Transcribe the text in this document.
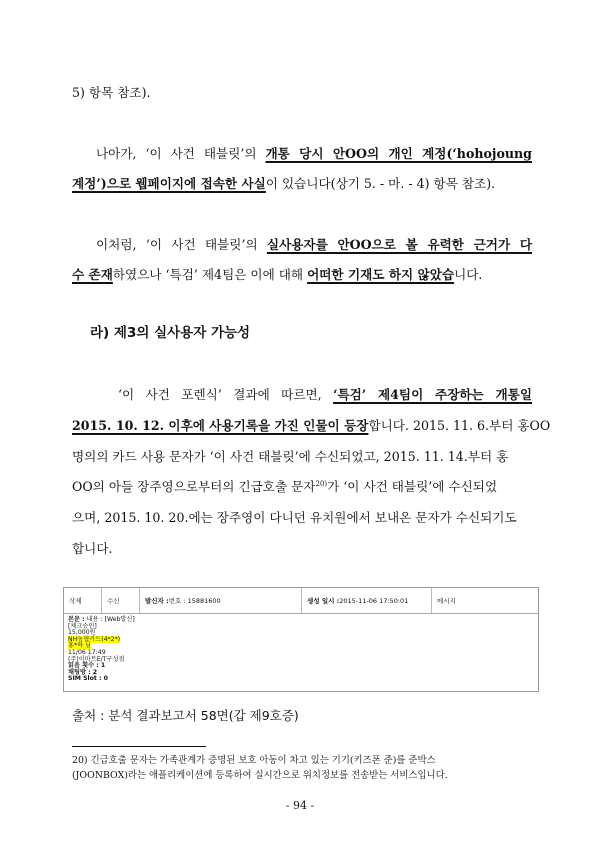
5) 항목 참조).
나아가, ‘이 사건 태블릿’의 개통 당시 안OO의 개인 계정(‘hohojoung
계정’)으로 웹페이지에 접속한 사실이 있습니다(상기 5. - 마. - 4) 항목 참조).
이처럼, ‘이 사건 태블릿’의 실사용자를 안OO으로 볼 유력한 근거가 다
수 존재하였으나 ‘특검’ 제4팀은 이에 대해 어떠한 기재도 하지 않았습니다.
라) 제3의 실사용자 가능성
‘이 사건 포렌식’ 결과에 따르면, ‘특검’ 제4팀이 주장하는 개통일
2015. 10. 12. 이후에 사용기록을 가진 인물이 등장합니다. 2015. 11. 6.부터 홍OO
명의의 카드 사용 문자가 ‘이 사건 태블릿’에 수신되었고, 2015. 11. 14.부터 홍
OO의 아들 장주영으로부터의 긴급호출 문자$^{20)}$가 ‘이 사건 태블릿’에 수신되었
으며, 2015. 10. 20.에는 장주영이 다니던 유치원에서 보내온 문자가 수신되기도
합니다.
삭제	수신	발신자 : 번호 : 15881600	생성 일시 : 2015-11-06 17:50:01	메시지
본문 : 내용 : [Web발신]
[체크승인]
15,000원
NH농협카드(4*2*)
홍*하 님
11/06 17:49
(주)이마트E/T구성점
읽음 횟수 : 1
채팅방 : 2
SIM Slot : 0
출처 : 분석 결과보고서 58면(갑 제9호증)
20) 긴급호출 문자는 가족관계가 증명된 보호 아동이 차고 있는 기기(키즈폰 준)를 준박스
(JOONBOX)라는 애플리케이션에 등록하여 실시간으로 위치정보를 전송받는 서비스입니다.
- 94 -
